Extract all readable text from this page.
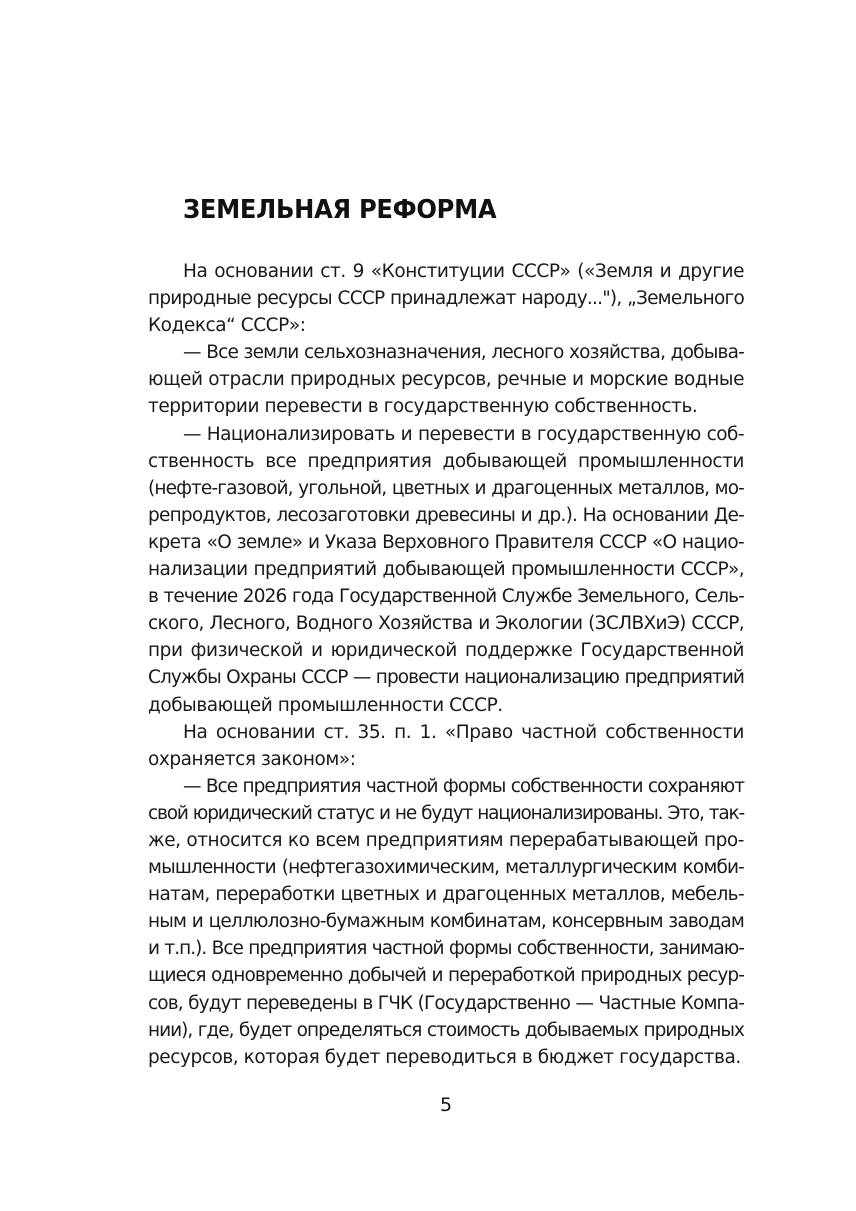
ЗЕМЕЛЬНАЯ РЕФОРМА
На основании ст. 9 «Конституции СССР» («Земля и другие
природные ресурсы СССР принадлежат народу..."), „Земельного
Кодекса“ СССР»:
— Все земли сельхозназначения, лесного хозяйства, добыва-
ющей отрасли природных ресурсов, речные и морские водные
территории перевести в государственную собственность.
— Национализировать и перевести в государственную соб-
ственность все предприятия добывающей промышленности
(нефте-газовой, угольной, цветных и драгоценных металлов, мо-
репродуктов, лесозаготовки древесины и др.). На основании Де-
крета «О земле» и Указа Верховного Правителя СССР «О нацио-
нализации предприятий добывающей промышленности СССР»,
в течение 2026 года Государственной Службе Земельного, Сель-
ского, Лесного, Водного Хозяйства и Экологии (ЗСЛВХиЭ) СССР,
при физической и юридической поддержке Государственной
Службы Охраны СССР — провести национализацию предприятий
добывающей промышленности СССР.
На основании ст. 35. п. 1. «Право частной собственности
охраняется законом»:
— Все предприятия частной формы собственности сохраняют
свой юридический статус и не будут национализированы. Это, так-
же, относится ко всем предприятиям перерабатывающей про-
мышленности (нефтегазохимическим, металлургическим комби-
натам, переработки цветных и драгоценных металлов, мебель-
ным и целлюлозно-бумажным комбинатам, консервным заводам
и т.п.). Все предприятия частной формы собственности, занимаю-
щиеся одновременно добычей и переработкой природных ресур-
сов, будут переведены в ГЧК (Государственно — Частные Компа-
нии), где, будет определяться стоимость добываемых природных
ресурсов, которая будет переводиться в бюджет государства.
5
